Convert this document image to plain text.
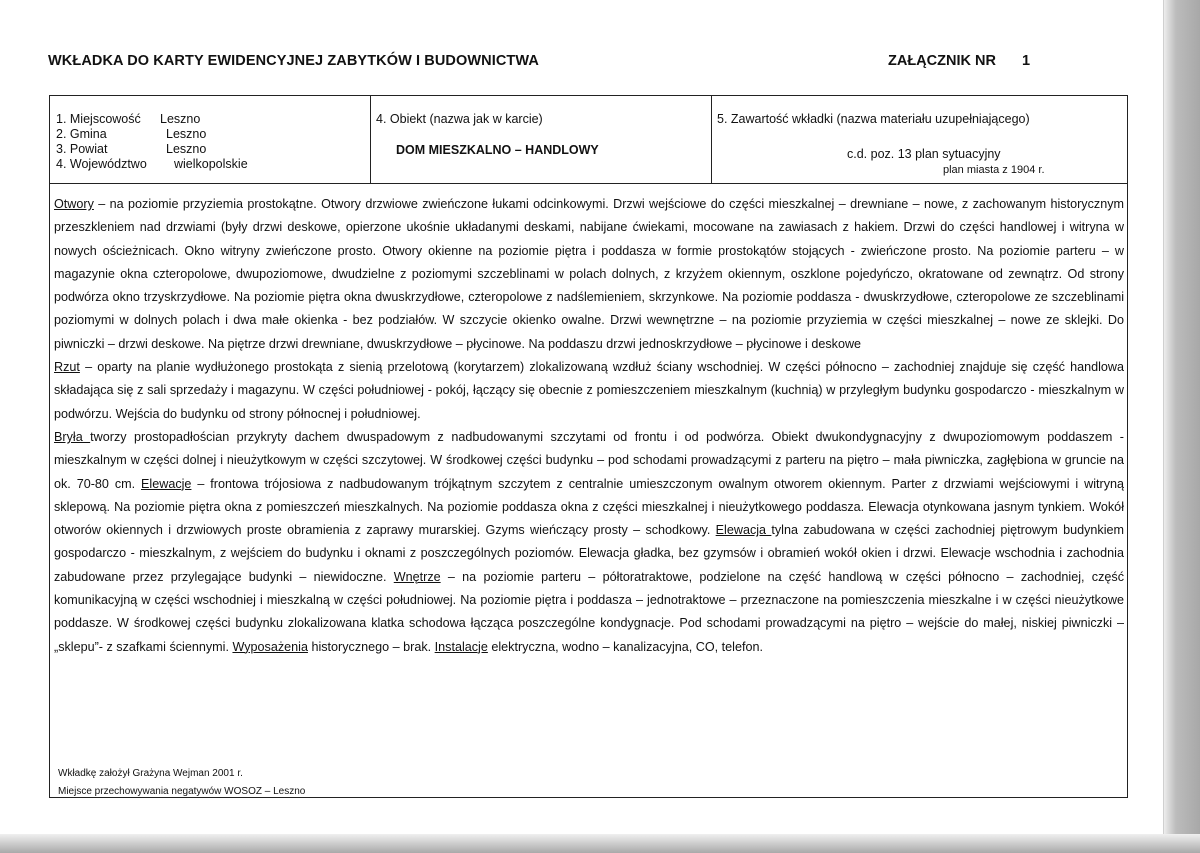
WKŁADKA DO KARTY EWIDENCYJNEJ ZABYTKÓW I BUDOWNICTWA	ZAŁĄCZNIK NR 1
1. Miejscowość Leszno
2. Gmina	Leszno
3. Powiat	Leszno
4. Województwo wielkopolskie
4. Obiekt (nazwa jak w karcie)
DOM MIESZKALNO – HANDLOWY
5. Zawartość wkładki (nazwa materiału uzupełniającego)
c.d. poz. 13 plan sytuacyjny
plan miasta z 1904 r.

Otwory – na poziomie przyziemia prostokątne. Otwory drzwiowe zwieńczone łukami odcinkowymi. Drzwi wejściowe do części mieszkalnej – drewniane – nowe, z zachowanym historycznym przeszkleniem nad drzwiami (były drzwi deskowe, opierzone ukośnie układanymi deskami, nabijane ćwiekami, mocowane na zawiasach z hakiem. Drzwi do części handlowej i witryna w nowych ościeżnicach. Okno witryny zwieńczone prosto. Otwory okienne na poziomie piętra i poddasza w formie prostokątów stojących - zwieńczone prosto. Na poziomie parteru – w magazynie okna czteropolowe, dwupoziomowe, dwudzielne z poziomymi szczeblinami w polach dolnych, z krzyżem okiennym, oszklone pojedyńczo, okratowane od zewnątrz. Od strony podwórza okno trzyskrzydłowe. Na poziomie piętra okna dwuskrzydłowe, czteropolowe z nadślemieniem, skrzynkowe. Na poziomie poddasza - dwuskrzydłowe, czteropolowe ze szczeblinami poziomymi w dolnych polach i dwa małe okienka - bez podziałów. W szczycie okienko owalne. Drzwi wewnętrzne – na poziomie przyziemia w części mieszkalnej – nowe ze sklejki. Do piwniczki – drzwi deskowe. Na piętrze drzwi drewniane, dwuskrzydłowe – płycinowe. Na poddaszu drzwi jednoskrzydłowe – płycinowe i deskowe

Rzut – oparty na planie wydłużonego prostokąta z sienią przelotową (korytarzem) zlokalizowaną wzdłuż ściany wschodniej. W części północno – zachodniej znajduje się część handlowa składająca się z sali sprzedaży i magazynu. W części południowej - pokój, łączący się obecnie z pomieszczeniem mieszkalnym (kuchnią) w przyległym budynku gospodarczo - mieszkalnym w podwórzu. Wejścia do budynku od strony północnej i południowej.

Bryła tworzy prostopadłościan przykryty dachem dwuspadowym z nadbudowanymi szczytami od frontu i od podwórza. Obiekt dwukondygnacyjny z dwupoziomowym poddaszem - mieszkalnym w części dolnej i nieużytkowym w części szczytowej. W środkowej części budynku – pod schodami prowadzącymi z parteru na piętro – mała piwniczka, zagłębiona w gruncie na ok. 70-80 cm. Elewacje – frontowa trójosiowa z nadbudowanym trójkątnym szczytem z centralnie umieszczonym owalnym otworem okiennym. Parter z drzwiami wejściowymi i witryną sklepową. Na poziomie piętra okna z pomieszczeń mieszkalnych. Na poziomie poddasza okna z części mieszkalnej i nieużytkowego poddasza. Elewacja otynkowana jasnym tynkiem. Wokół otworów okiennych i drzwiowych proste obramienia z zaprawy murarskiej. Gzyms wieńczący prosty – schodkowy. Elewacja tylna zabudowana w części zachodniej piętrowym budynkiem gospodarczo - mieszkalnym, z wejściem do budynku i oknami z poszczególnych poziomów. Elewacja gładka, bez gzymsów i obramień wokół okien i drzwi. Elewacje wschodnia i zachodnia zabudowane przez przylegające budynki – niewidoczne. Wnętrze – na poziomie parteru – półtoratraktowe, podzielone na część handlową w części północno – zachodniej, część komunikacyjną w części wschodniej i mieszkalną w części południowej. Na poziomie piętra i poddasza – jednotraktowe – przeznaczone na pomieszczenia mieszkalne i w części nieużytkowe poddasze. W środkowej części budynku zlokalizowana klatka schodowa łącząca poszczególne kondygnacje. Pod schodami prowadzącymi na piętro – wejście do małej, niskiej piwniczki – „sklepu”- z szafkami ściennymi. Wyposażenia historycznego – brak. Instalacje elektryczna, wodno – kanalizacyjna, CO, telefon.

Wkładkę założył Grażyna Wejman 2001 r.
Miejsce przechowywania negatywów WOSOZ – Leszno
